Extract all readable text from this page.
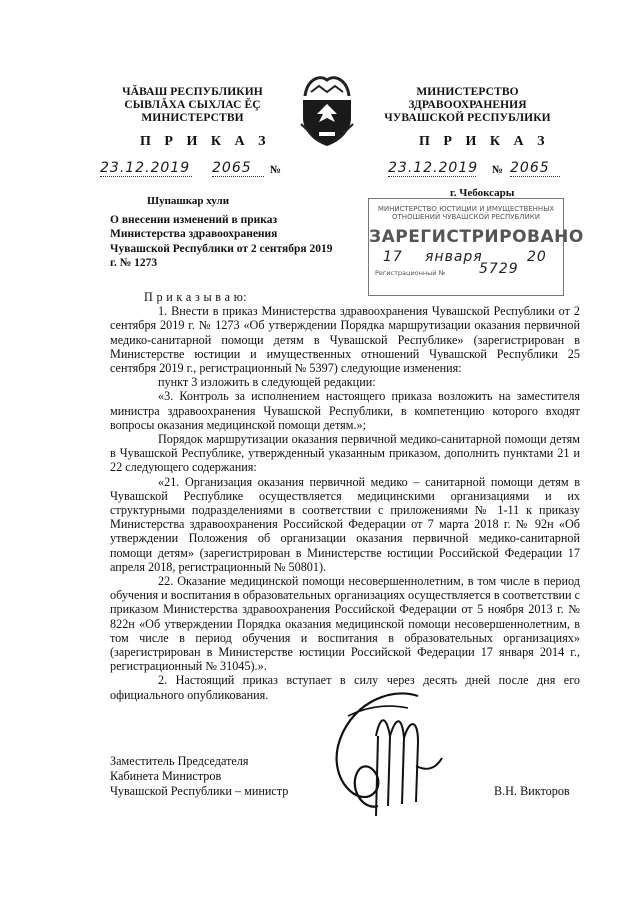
ЧĂВАШ РЕСПУБЛИКИН
СЫВЛĂХА СЫХЛАС ĔÇ
МИНИСТЕРСТВИ
МИНИСТЕРСТВО
ЗДРАВООХРАНЕНИЯ
ЧУВАШСКОЙ РЕСПУБЛИКИ
П Р И К А З	П Р И К А З
23.12.2019 2065	№	23.12.2019 № 2065
Шупашкар хули
г. Чебоксары
МИНИСТЕРСТВО ЮСТИЦИИ И ИМУЩЕСТВЕННЫХ
ОТНОШЕНИЙ ЧУВАШСКОЙ РЕСПУБЛИКИ
ЗАРЕГИСТРИРОВАНО
17 января	20
Регистрационный № 5729
О внесении изменений в приказ Министерства здравоохранения Чувашской Республики от 2 сентября 2019 г. № 1273

П р и к а з ы в а ю:

1. Внести в приказ Министерства здравоохранения Чувашской Республики от 2 сентября 2019 г. № 1273 «Об утверждении Порядка маршрутизации оказания первичной медико-санитарной помощи детям в Чувашской Республике» (зарегистрирован в Министерстве юстиции и имущественных отношений Чувашской Республики 25 сентября 2019 г., регистрационный № 5397) следующие изменения:

пункт 3 изложить в следующей редакции:

«3. Контроль за исполнением настоящего приказа возложить на заместителя министра здравоохранения Чувашской Республики, в компетенцию которого входят вопросы оказания медицинской помощи детям.»;

Порядок маршрутизации оказания первичной медико-санитарной помощи детям в Чувашской Республике, утвержденный указанным приказом, дополнить пунктами 21 и 22 следующего содержания:

«21. Организация оказания первичной медико – санитарной помощи детям в Чувашской Республике осуществляется медицинскими организациями и их структурными подразделениями в соответствии с приложениями № 1-11 к приказу Министерства здравоохранения Российской Федерации от 7 марта 2018 г. № 92н «Об утверждении Положения об организации оказания первичной медико-санитарной помощи детям» (зарегистрирован в Министерстве юстиции Российской Федерации 17 апреля 2018, регистрационный № 50801).

22. Оказание медицинской помощи несовершеннолетним, в том числе в период обучения и воспитания в образовательных организациях осуществляется в соответствии с приказом Министерства здравоохранения Российской Федерации от 5 ноября 2013 г. № 822н «Об утверждении Порядка оказания медицинской помощи несовершеннолетним, в том числе в период обучения и воспитания в образовательных организациях» (зарегистрирован в Министерстве юстиции Российской Федерации 17 января 2014 г., регистрационный № 31045).».

2. Настоящий приказ вступает в силу через десять дней после дня его официального опубликования.

Заместитель Председателя
Кабинета Министров
Чувашской Республики – министр	В.Н. Викторов
